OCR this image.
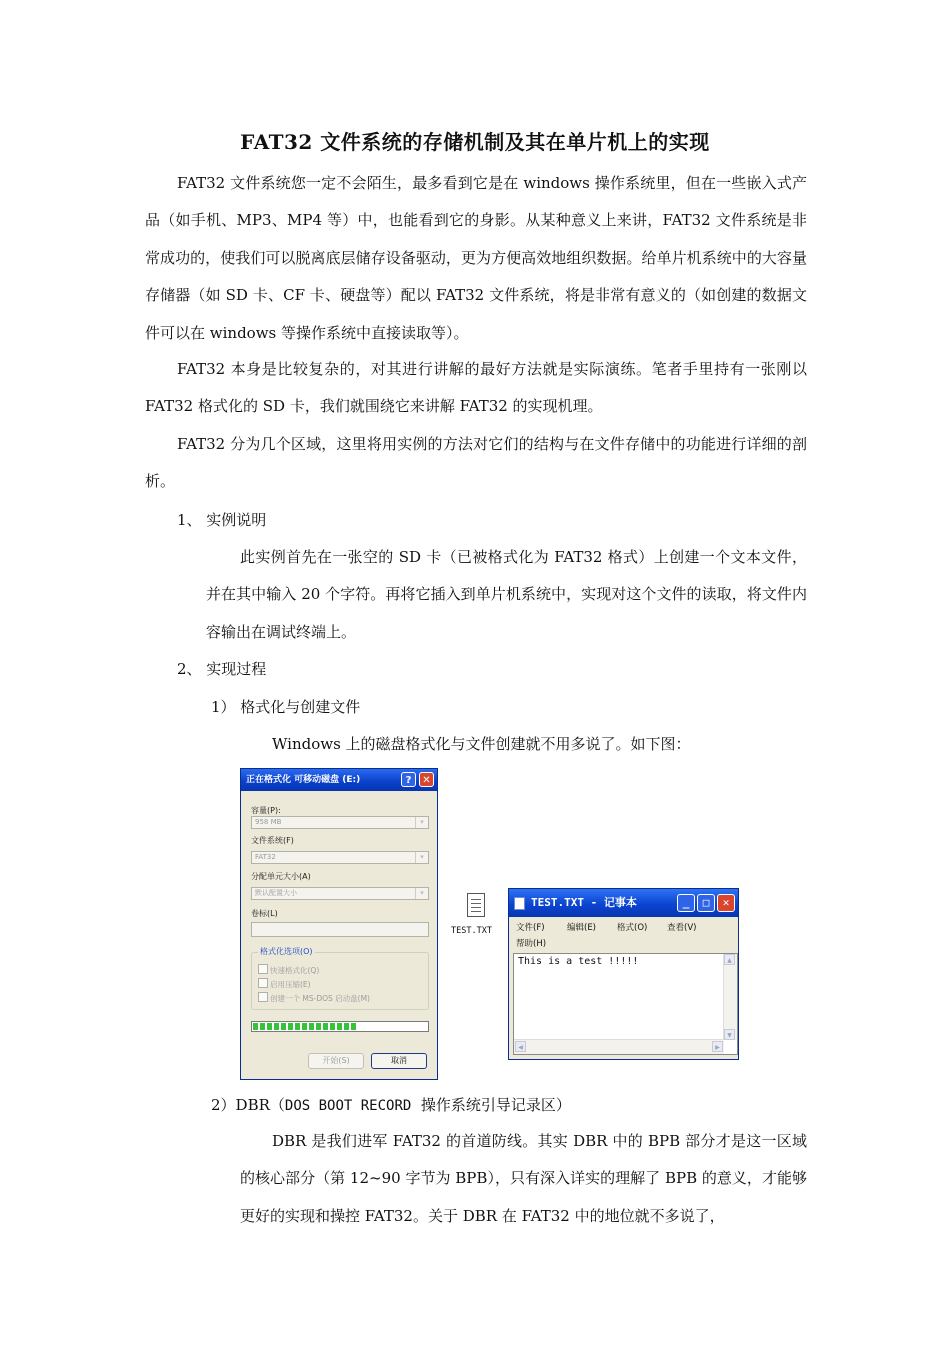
FAT32 文件系统的存储机制及其在单片机上的实现

FAT32 文件系统您一定不会陌生，最多看到它是在 windows 操作系统里，但在一些嵌入式产品（如手机、MP3、MP4 等）中，也能看到它的身影。从某种意义上来讲，FAT32 文件系统是非常成功的，使我们可以脱离底层储存设备驱动，更为方便高效地组织数据。给单片机系统中的大容量存储器（如 SD 卡、CF 卡、硬盘等）配以 FAT32 文件系统，将是非常有意义的（如创建的数据文件可以在 windows 等操作系统中直接读取等）。

FAT32 本身是比较复杂的，对其进行讲解的最好方法就是实际演练。笔者手里持有一张刚以 FAT32 格式化的 SD 卡，我们就围绕它来讲解 FAT32 的实现机理。

FAT32 分为几个区域，这里将用实例的方法对它们的结构与在文件存储中的功能进行详细的剖析。

1、 实例说明

此实例首先在一张空的 SD 卡（已被格式化为 FAT32 格式）上创建一个文本文件，并在其中输入 20 个字符。再将它插入到单片机系统中，实现对这个文件的读取，将文件内容输出在调试终端上。

2、 实现过程
1） 格式化与创建文件
Windows 上的磁盘格式化与文件创建就不用多说了。如下图：
正在格式化 可移动磁盘 (E:)	?	✕
容量(P):
958 MB	▾
文件系统(F)
FAT32	▾
分配单元大小(A)
默认配置大小	▾
卷标(L)
格式化选项(O)
快速格式化(Q)
启用压缩(E)
创建一个 MS-DOS 启动盘(M)
开始(S)	取消
TEST.TXT
TEST.TXT - 记事本	_	□	✕
文件(F)	编辑(E) 格式(O) 查看(V)
帮助(H)
This is a test !!!!!	▲
▼
◀	▶
2）DBR（DOS BOOT RECORD  操作系统引导记录区）

DBR 是我们进军 FAT32 的首道防线。其实 DBR 中的 BPB 部分才是这一区域的核心部分（第 12~90 字节为 BPB），只有深入详实的理解了 BPB 的意义，才能够更好的实现和操控 FAT32。关于 DBR 在 FAT32 中的地位就不多说了，
